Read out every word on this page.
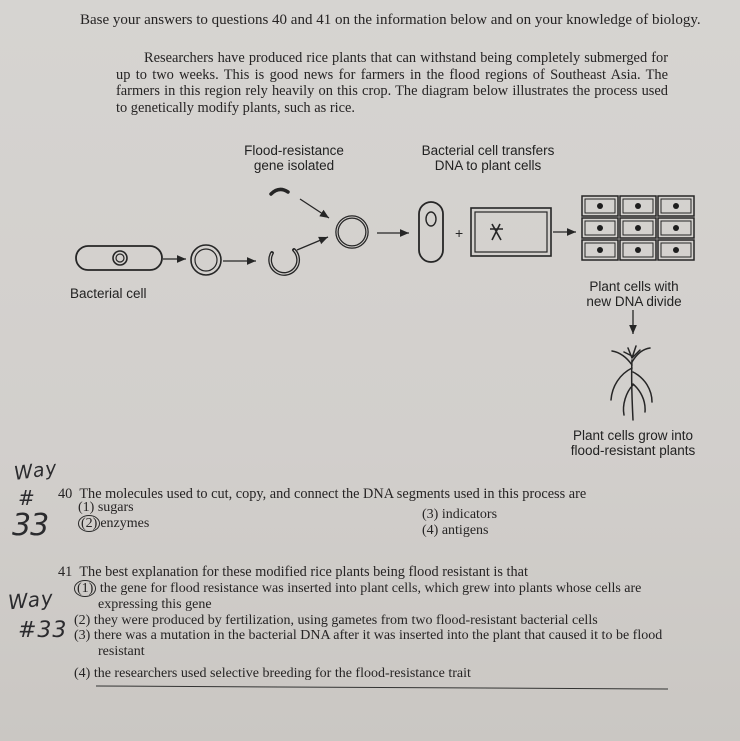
Base your answers to questions 40 and 41 on the information below and on your knowledge of biology.
Researchers have produced rice plants that can withstand being completely submerged for up to two weeks. This is good news for farmers in the flood regions of Southeast Asia. The farmers in this region rely heavily on this crop. The diagram below illustrates the process used to genetically modify plants, such as rice.
+
Flood-resistance
gene isolated
Bacterial cell transfers
DNA to plant cells
Bacterial cell	Plant cells with
new DNA divide
Plant cells grow into
flood-resistant plants
40 The molecules used to cut, copy, and connect the DNA segments used in this process are
(1) sugars
(2) enzymes
(3) indicators
(4) antigens
41 The best explanation for these modified rice plants being flood resistant is that
(1) the gene for flood resistance was inserted into plant cells, which grew into plants whose cells are
expressing this gene
(2) they were produced by fertilization, using gametes from two flood-resistant bacterial cells
(3) there was a mutation in the bacterial DNA after it was inserted into the plant that caused it to be flood
resistant
(4) the researchers used selective breeding for the flood-resistance trait
Way
#
33
Way
#33
